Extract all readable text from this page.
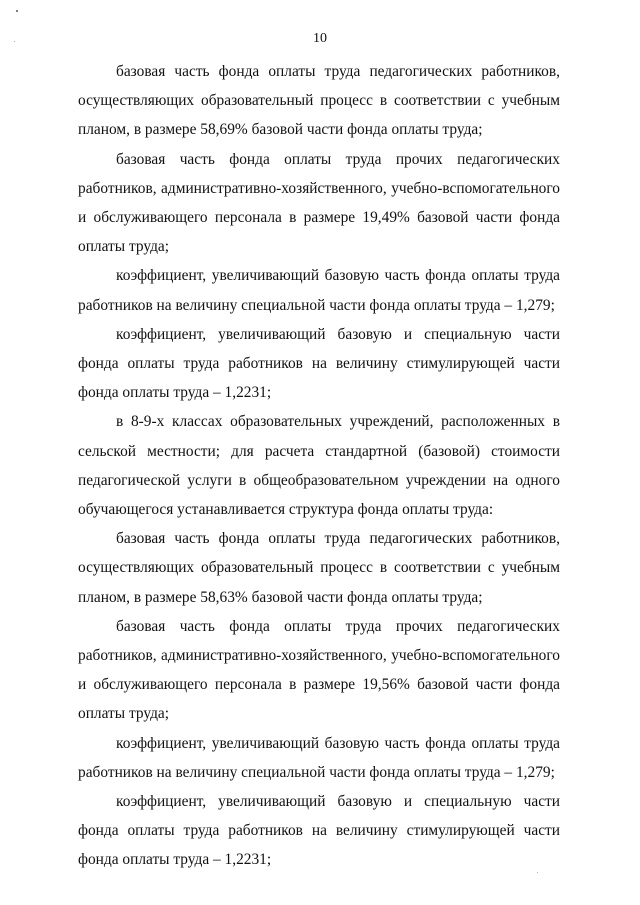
10

базовая часть фонда оплаты труда педагогических работников, осуществляющих образовательный процесс в соответствии с учебным планом, в размере 58,69% базовой части фонда оплаты труда;

базовая часть фонда оплаты труда прочих педагогических работников, административно-хозяйственного, учебно-вспомогательного и обслуживающего персонала в размере 19,49% базовой части фонда оплаты труда;

коэффициент, увеличивающий базовую часть фонда оплаты труда работников на величину специальной части фонда оплаты труда – 1,279;

коэффициент, увеличивающий базовую и специальную части фонда оплаты труда работников на величину стимулирующей части фонда оплаты труда – 1,2231;

в 8-9-х классах образовательных учреждений, расположенных в сельской местности; для расчета стандартной (базовой) стоимости педагогической услуги в общеобразовательном учреждении на одного обучающегося устанавливается структура фонда оплаты труда:

базовая часть фонда оплаты труда педагогических работников, осуществляющих образовательный процесс в соответствии с учебным планом, в размере 58,63% базовой части фонда оплаты труда;

базовая часть фонда оплаты труда прочих педагогических работников, административно-хозяйственного, учебно-вспомогательного и обслуживающего персонала в размере 19,56% базовой части фонда оплаты труда;

коэффициент, увеличивающий базовую часть фонда оплаты труда работников на величину специальной части фонда оплаты труда – 1,279;

коэффициент, увеличивающий базовую и специальную части фонда оплаты труда работников на величину стимулирующей части фонда оплаты труда – 1,2231;
